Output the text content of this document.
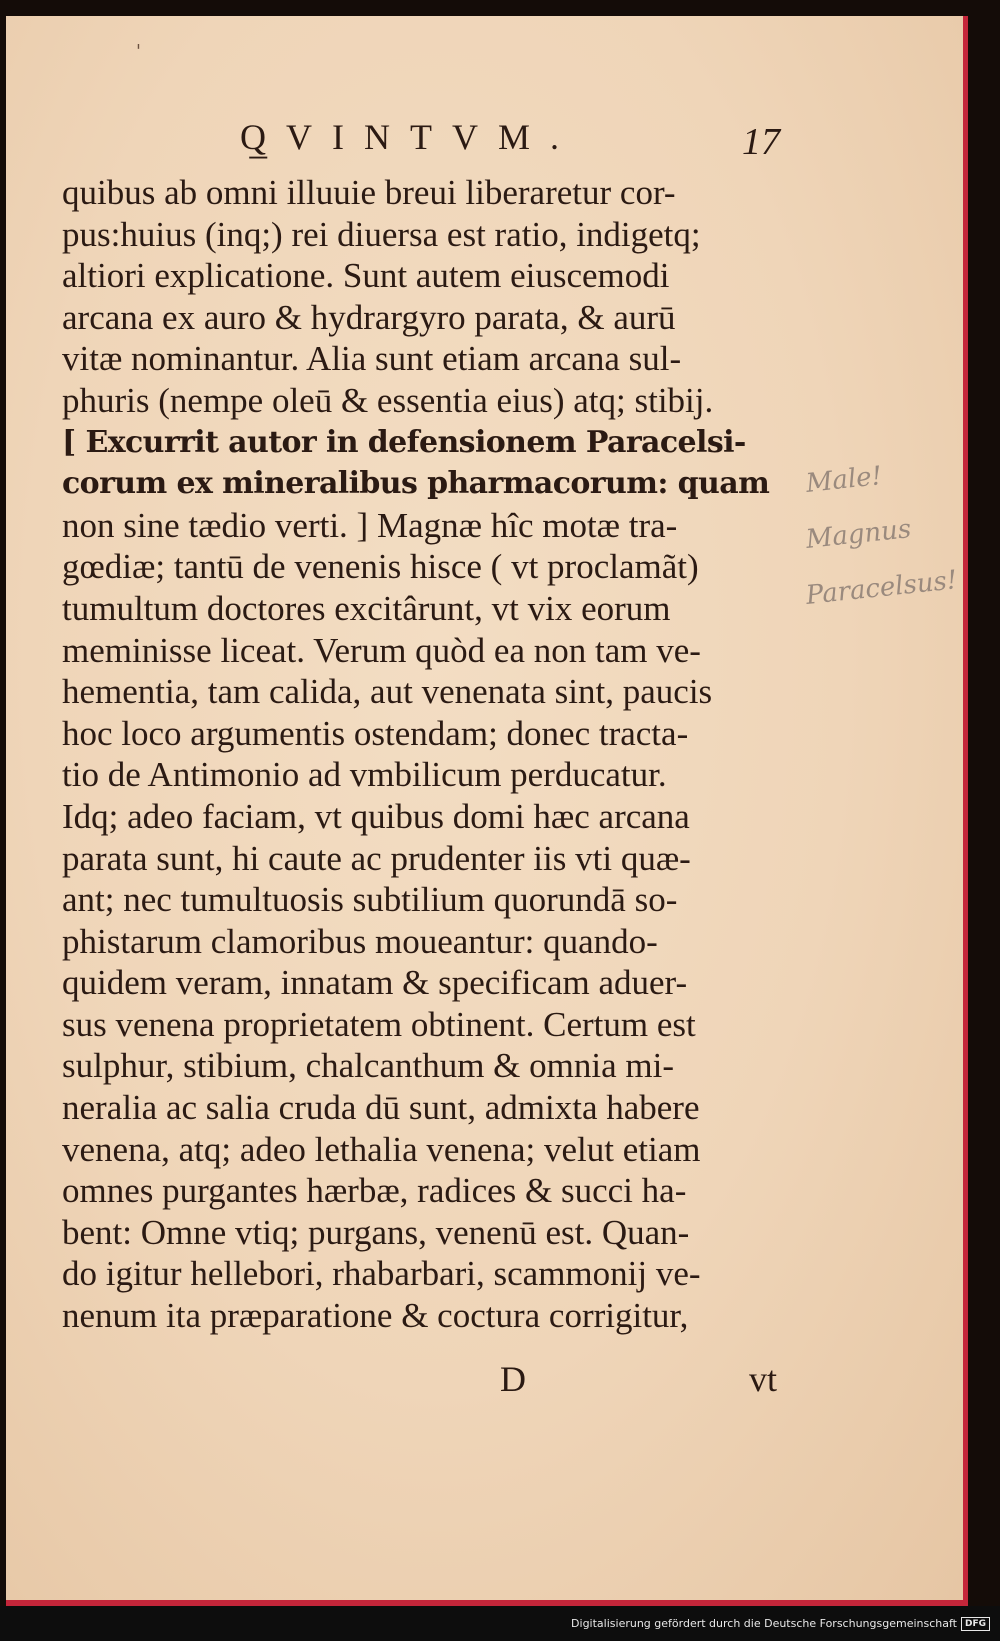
'
Q̲VINTVM.	17
quibus ab omni illuuie breui liberaretur cor-
pus:huius (inq;) rei diuersa est ratio, indigetq;
altiori explicatione. Sunt autem eiuscemodi
arcana ex auro & hydrargyro parata, & aurū
vitæ nominantur. Alia sunt etiam arcana sul-
phuris (nempe oleū & essentia eius) atq; stibij.
[ Excurrit autor in defensionem Paracelsi-
corum ex mineralibus pharmacorum: quam
non sine tædio verti. ] Magnæ hîc motæ tra-
gœdiæ; tantū de venenis hisce ( vt proclamãt)
tumultum doctores excitârunt, vt vix eorum
meminisse liceat. Verum quòd ea non tam ve-
hementia, tam calida, aut venenata sint, paucis
hoc loco argumentis ostendam; donec tracta-
tio de Antimonio ad vmbilicum perducatur.
Idq; adeo faciam, vt quibus domi hæc arcana
parata sunt, hi caute ac prudenter iis vti quæ-
ant; nec tumultuosis subtilium quorundā so-
phistarum clamoribus moueantur: quando-
quidem veram, innatam & specificam aduer-
sus venena proprietatem obtinent. Certum est
sulphur, stibium, chalcanthum & omnia mi-
neralia ac salia cruda dū sunt, admixta habere
venena, atq; adeo lethalia venena; velut etiam
omnes purgantes hærbæ, radices & succi ha-
bent: Omne vtiq; purgans, venenū est. Quan-
do igitur hellebori, rhabarbari, scammonij ve-
nenum ita præparatione & coctura corrigitur,
D	vt
Male!
Magnus
Paracelsus!
Digitalisierung gefördert durch die Deutsche Forschungsgemeinschaft DFG
